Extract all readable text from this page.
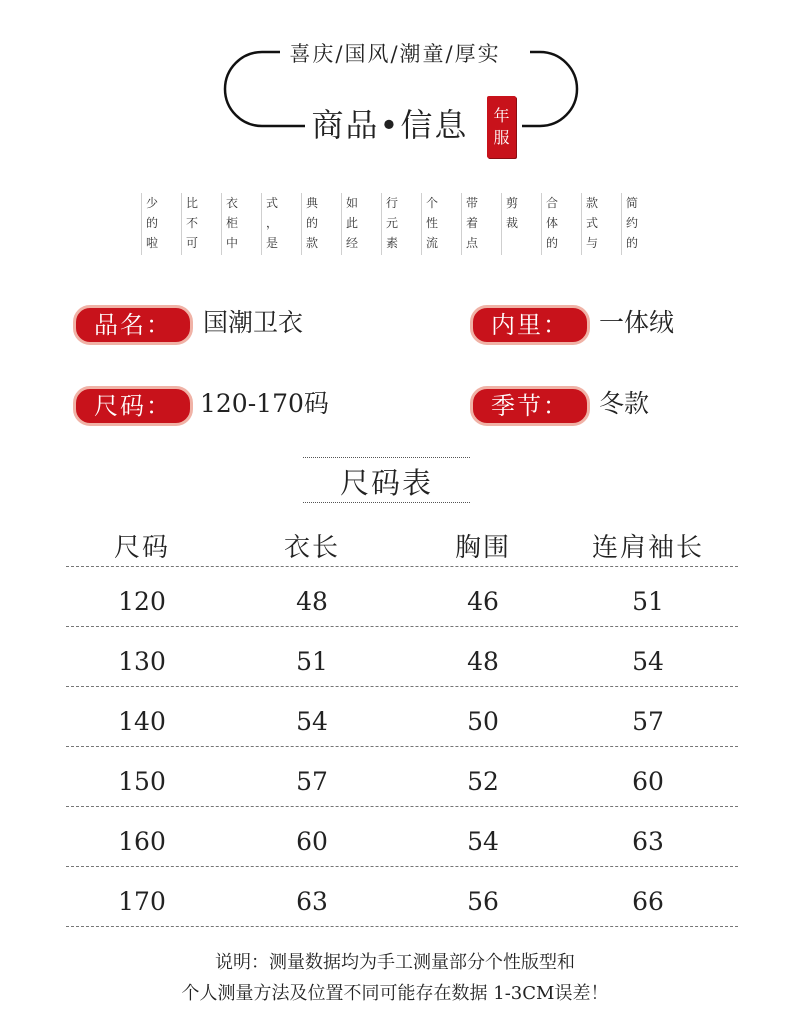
喜庆/国风/潮童/厚实
商品•信息	年
服
少
的
啦
比
不
可
衣
柜
中
式
，
是
典
的
款
如
此
经
行
元
素
个
性
流
带
着
点
剪
裁
合
体
的
款
式
与
简
约
的
品名：	国潮卫衣	内里：	一体绒
尺码：	120-170码	季节：	冬款
尺码表
尺码	衣长	胸围	连肩袖长
120	48	46	51
130	51	48	54
140	54	50	57
150	57	52	60
160	60	54	63
170	63	56	66
说明：测量数据均为手工测量部分个性版型和
个人测量方法及位置不同可能存在数据 1-3CM误差！
